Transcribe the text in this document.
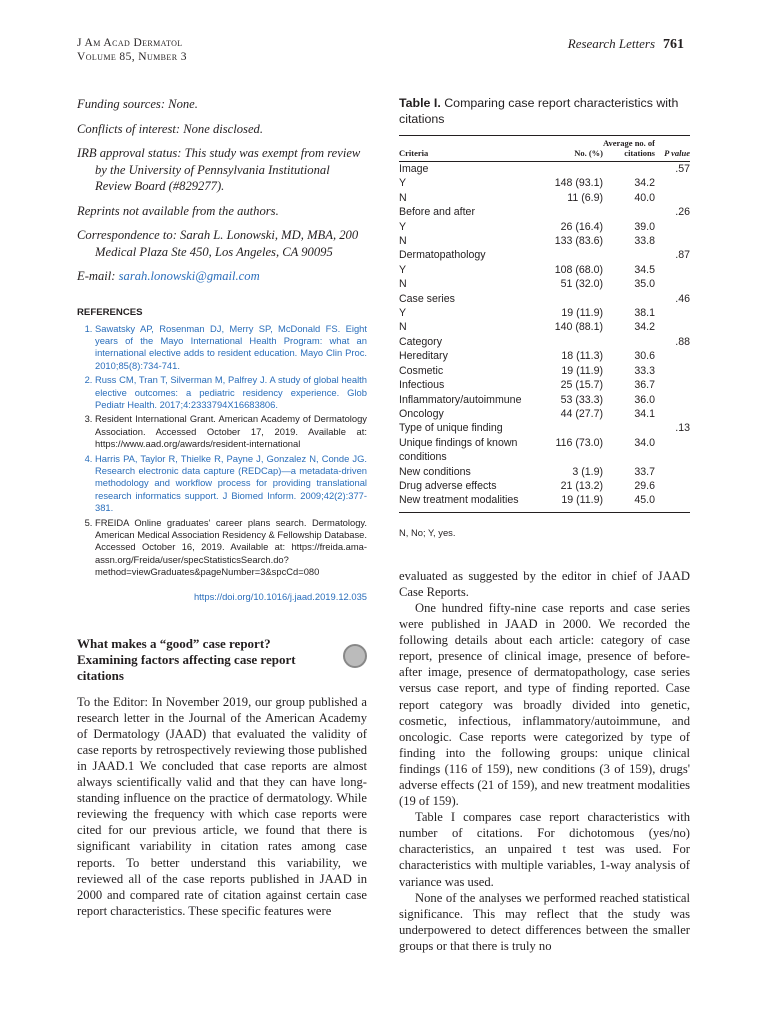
J Am Acad Dermatol
Volume 85, Number 3
Research Letters 761

Funding sources: None.

Conflicts of interest: None disclosed.

IRB approval status: This study was exempt from review by the University of Pennsylvania Institutional Review Board (#829277).

Reprints not available from the authors.

Correspondence to: Sarah L. Lonowski, MD, MBA, 200 Medical Plaza Ste 450, Los Angeles, CA 90095

E-mail: sarah.lonowski@gmail.com

REFERENCES
1. Sawatsky AP, Rosenman DJ, Merry SP, McDonald FS. Eight years of the Mayo International Health Program: what an international elective adds to resident education. Mayo Clin Proc. 2010;85(8):734-741.
2. Russ CM, Tran T, Silverman M, Palfrey J. A study of global health elective outcomes: a pediatric residency experience. Glob Pediatr Health. 2017;4:2333794X16683806.
3. Resident International Grant. American Academy of Dermatology Association. Accessed October 17, 2019. Available at: https://www.aad.org/awards/resident-international
4. Harris PA, Taylor R, Thielke R, Payne J, Gonzalez N, Conde JG. Research electronic data capture (REDCap)—a metadata-driven methodology and workflow process for providing translational research informatics support. J Biomed Inform. 2009;42(2):377-381.
5. FREIDA Online graduates' career plans search. Dermatology. American Medical Association Residency & Fellowship Database. Accessed October 16, 2019. Available at: https://freida.ama-assn.org/Freida/user/specStatisticsSearch.do?method=viewGraduates&pageNumber=3&spcCd=080
https://doi.org/10.1016/j.jaad.2019.12.035
What makes a “good” case report? Examining factors affecting case report citations
To the Editor: In November 2019, our group published a research letter in the Journal of the American Academy of Dermatology (JAAD) that evaluated the validity of case reports by retrospectively reviewing those published in JAAD.1 We concluded that case reports are almost always scientifically valid and that they can have long-standing influence on the practice of dermatology. While reviewing the frequency with which case reports were cited for our previous article, we found that there is significant variability in citation rates among case reports. To better understand this variability, we reviewed all of the case reports published in JAAD in 2000 and compared rate of citation against certain case report characteristics. These specific features were

Table I. Comparing case report characteristics with citations

Criteria	No. (%)	Average no. of citations	P value
Image			.57
Y	148 (93.1)	34.2	
N	11 (6.9)	40.0	
Before and after			.26
Y	26 (16.4)	39.0	
N	133 (83.6)	33.8	
Dermatopathology			.87
Y	108 (68.0)	34.5	
N	51 (32.0)	35.0	
Case series			.46
Y	19 (11.9)	38.1	
N	140 (88.1)	34.2	
Category			.88
Hereditary	18 (11.3)	30.6	
Cosmetic	19 (11.9)	33.3	
Infectious	25 (15.7)	36.7	
Inflammatory/autoimmune	53 (33.3)	36.0	
Oncology	44 (27.7)	34.1	
Type of unique finding			.13
Unique findings of known conditions	116 (73.0)	34.0	
New conditions	3 (1.9)	33.7	
Drug adverse effects	21 (13.2)	29.6	
New treatment modalities	19 (11.9)	45.0	
N, No; Y, yes.

evaluated as suggested by the editor in chief of JAAD Case Reports.

One hundred fifty-nine case reports and case series were published in JAAD in 2000. We recorded the following details about each article: category of case report, presence of clinical image, presence of before-after image, presence of dermatopathology, case series versus case report, and type of finding reported. Case report category was broadly divided into genetic, cosmetic, infectious, inflammatory/autoimmune, and oncologic. Case reports were categorized by type of finding into the following groups: unique clinical findings (116 of 159), new conditions (3 of 159), drugs' adverse effects (21 of 159), and new treatment modalities (19 of 159).

Table I compares case report characteristics with number of citations. For dichotomous (yes/no) characteristics, an unpaired t test was used. For characteristics with multiple variables, 1-way analysis of variance was used.

None of the analyses we performed reached statistical significance. This may reflect that the study was underpowered to detect differences between the smaller groups or that there is truly no
